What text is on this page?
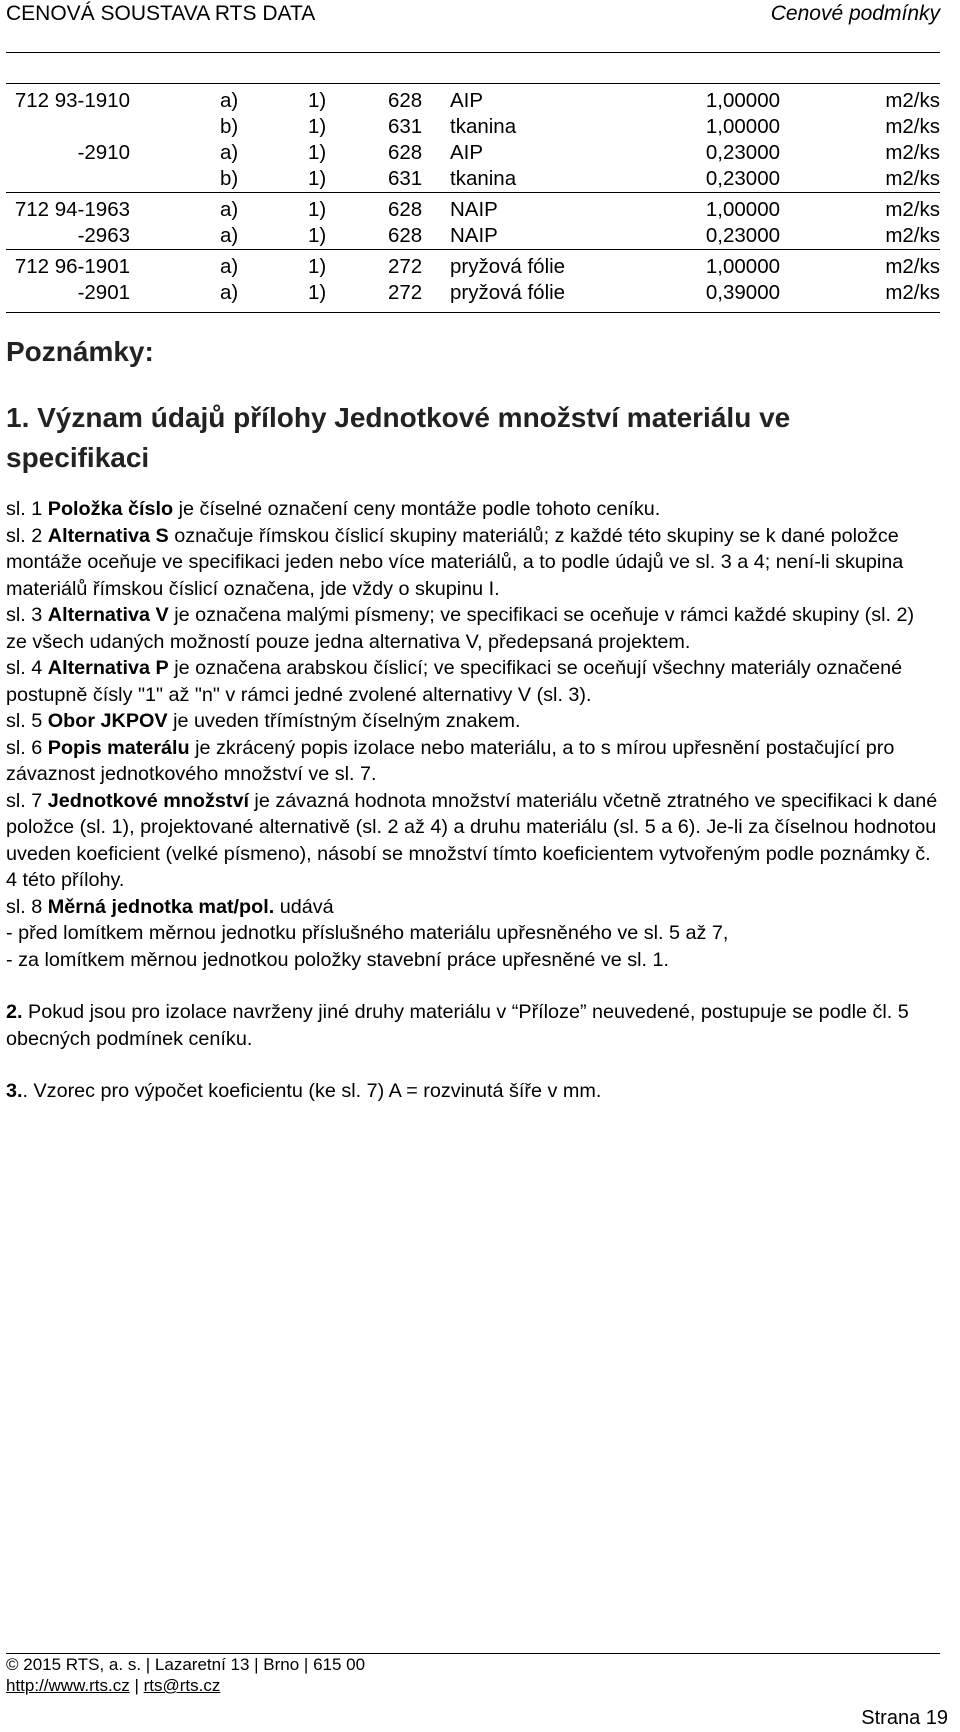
CENOVÁ SOUSTAVA RTS DATA	Cenové podmínky
712 93-1910	a)	1)	628	AIP	1,00000	m2/ks
	b)	1)	631	tkanina	1,00000	m2/ks
-2910	a)	1)	628	AIP	0,23000	m2/ks
	b)	1)	631	tkanina	0,23000	m2/ks
712 94-1963	a)	1)	628	NAIP	1,00000	m2/ks
-2963	a)	1)	628	NAIP	0,23000	m2/ks
712 96-1901	a)	1)	272	pryžová fólie	1,00000	m2/ks
-2901	a)	1)	272	pryžová fólie	0,39000	m2/ks
Poznámky:
1. Význam údajů přílohy Jednotkové množství materiálu ve specifikaci

sl. 1 Položka číslo je číselné označení ceny montáže podle tohoto ceníku.

sl. 2 Alternativa S označuje římskou číslicí skupiny materiálů; z každé této skupiny se k dané položce montáže oceňuje ve specifikaci jeden nebo více materiálů, a to podle údajů ve sl. 3 a 4; není-li skupina materiálů římskou číslicí označena, jde vždy o skupinu I.

sl. 3 Alternativa V je označena malými písmeny; ve specifikaci se oceňuje v rámci každé skupiny (sl. 2) ze všech udaných možností pouze jedna alternativa V, předepsaná projektem.

sl. 4 Alternativa P je označena arabskou číslicí; ve specifikaci se oceňují všechny materiály označené postupně čísly "1" až "n" v rámci jedné zvolené alternativy V (sl. 3).

sl. 5 Obor JKPOV je uveden třímístným číselným znakem.

sl. 6 Popis materálu je zkrácený popis izolace nebo materiálu, a to s mírou upřesnění postačující pro závaznost jednotkového množství ve sl. 7.

sl. 7 Jednotkové množství je závazná hodnota množství materiálu včetně ztratného ve specifikaci k dané položce (sl. 1), projektované alternativě (sl. 2 až 4) a druhu materiálu (sl. 5 a 6). Je-li za číselnou hodnotou uveden koeficient (velké písmeno), násobí se množství tímto koeficientem vytvořeným podle poznámky č. 4 této přílohy.

sl. 8 Měrná jednotka mat/pol. udává

- před lomítkem měrnou jednotku příslušného materiálu upřesněného ve sl. 5 až 7,

- za lomítkem měrnou jednotkou položky stavební práce upřesněné ve sl. 1.

2. Pokud jsou pro izolace navrženy jiné druhy materiálu v “Příloze” neuvedené, postupuje se podle čl. 5 obecných podmínek ceníku.

3.. Vzorec pro výpočet koeficientu (ke sl. 7) A = rozvinutá šíře v mm.

© 2015 RTS, a. s. | Lazaretní 13 | Brno | 615 00
http://www.rts.cz | rts@rts.cz
Strana 19
